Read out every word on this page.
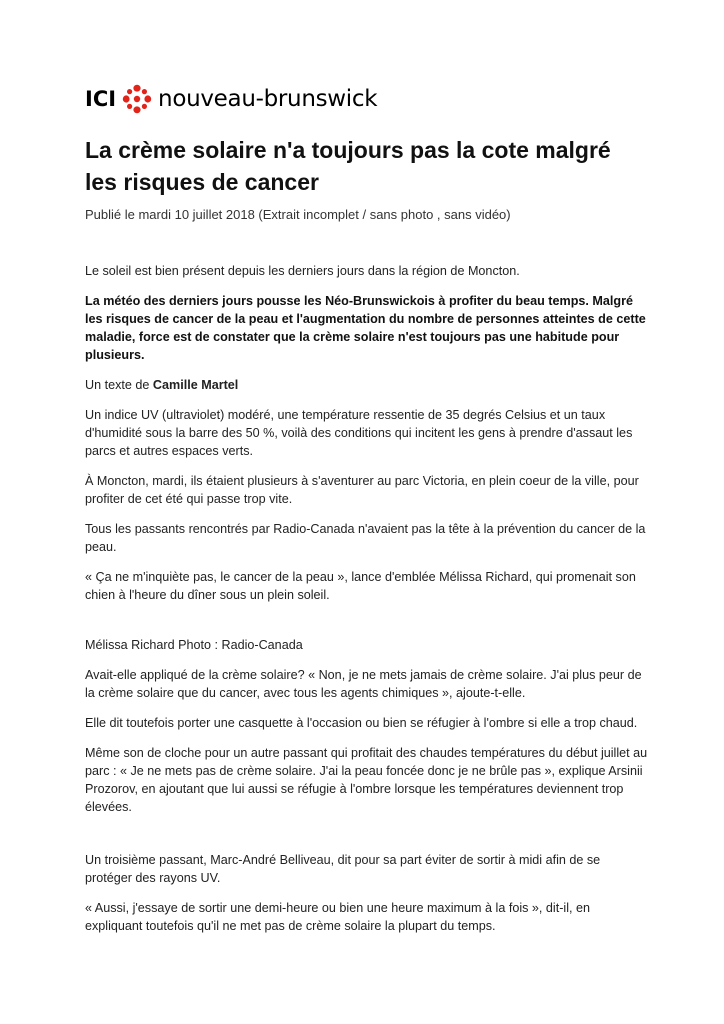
ICI nouveau-brunswick
La crème solaire n'a toujours pas la cote malgré les risques de cancer

Publié le mardi 10 juillet 2018 (Extrait incomplet / sans photo , sans vidéo)

Le soleil est bien présent depuis les derniers jours dans la région de Moncton.

La météo des derniers jours pousse les Néo-Brunswickois à profiter du beau temps. Malgré les risques de cancer de la peau et l'augmentation du nombre de personnes atteintes de cette maladie, force est de constater que la crème solaire n'est toujours pas une habitude pour plusieurs.

Un texte de Camille Martel

Un indice UV (ultraviolet) modéré, une température ressentie de 35 degrés Celsius et un taux d'humidité sous la barre des 50 %, voilà des conditions qui incitent les gens à prendre d'assaut les parcs et autres espaces verts.

À Moncton, mardi, ils étaient plusieurs à s'aventurer au parc Victoria, en plein coeur de la ville, pour profiter de cet été qui passe trop vite.

Tous les passants rencontrés par Radio-Canada n'avaient pas la tête à la prévention du cancer de la peau.

« Ça ne m'inquiète pas, le cancer de la peau », lance d'emblée Mélissa Richard, qui promenait son chien à l'heure du dîner sous un plein soleil.

Mélissa Richard Photo : Radio-Canada

Avait-elle appliqué de la crème solaire? « Non, je ne mets jamais de crème solaire. J'ai plus peur de la crème solaire que du cancer, avec tous les agents chimiques », ajoute-t-elle.

Elle dit toutefois porter une casquette à l'occasion ou bien se réfugier à l'ombre si elle a trop chaud.

Même son de cloche pour un autre passant qui profitait des chaudes températures du début juillet au parc : « Je ne mets pas de crème solaire. J'ai la peau foncée donc je ne brûle pas », explique Arsinii Prozorov, en ajoutant que lui aussi se réfugie à l'ombre lorsque les températures deviennent trop élevées.

Un troisième passant, Marc-André Belliveau, dit pour sa part éviter de sortir à midi afin de se protéger des rayons UV.

« Aussi, j'essaye de sortir une demi-heure ou bien une heure maximum à la fois », dit-il, en expliquant toutefois qu'il ne met pas de crème solaire la plupart du temps.
